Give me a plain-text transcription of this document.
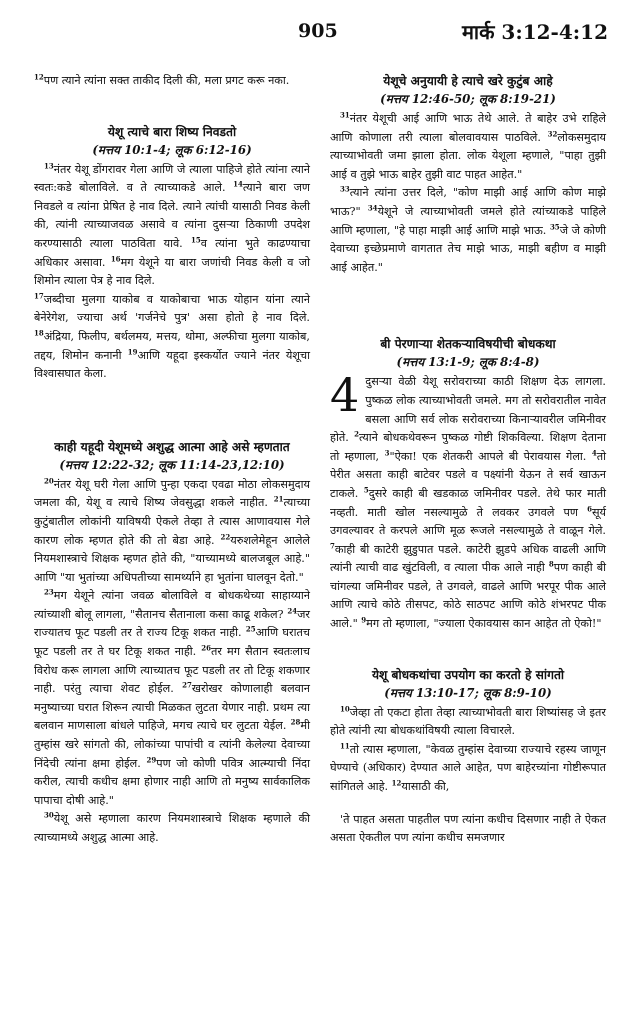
905	मार्क 3:12-4:12

$^{12}$पण त्याने त्यांना सक्त ताकीद दिली की, मला प्रगट करू नका.

येशू त्याचे बारा शिष्य निवडतो

(मत्तय 10:1-4; लूक 6:12-16)

$^{13}$नंतर येशू डोंगरावर गेला आणि जे त्याला पाहिजे होते त्यांना त्याने स्वतः:कडे बोलाविले. व ते त्याच्याकडे आले. $^{14}$त्याने बारा जण निवडले व त्यांना प्रेषित हे नाव दिले. त्याने त्यांची यासाठी निवड केली की, त्यांनी त्याच्याजवळ असावे व त्यांना दुसऱ्या ठिकाणी उपदेश करण्यासाठी त्याला पाठविता यावे. $^{15}$व त्यांना भुते काढण्याचा अधिकार असावा. $^{16}$मग येशूने या बारा जणांची निवड केली व जो शिमोन त्याला पेत्र हे नाव दिले.

$^{17}$जब्दीचा मुलगा याकोब व याकोबाचा भाऊ योहान यांना त्याने बेनेरेगेश, ज्याचा अर्थ 'गर्जनेचे पुत्र' असा होतो हे नाव दिले. $^{18}$अंद्रिया, फिलीप, बर्थलमय, मत्तय, थोमा, अल्फीचा मुलगा याकोब, तद्दय, शिमोन कनानी $^{19}$आणि यहूदा इस्कर्योत ज्याने नंतर येशूचा विश्वासघात केला.

काही यहूदी येशूमध्ये अशुद्ध आत्मा आहे असे म्हणतात

(मत्तय 12:22-32; लूक 11:14-23,12:10)

$^{20}$नंतर येशू घरी गेला आणि पुन्हा एकदा एवढा मोठा लोकसमुदाय जमला की, येशू व त्याचे शिष्य जेवसुद्धा शकले नाहीत. $^{21}$त्याच्या कुटुंबातील लोकांनी याविषयी ऐकले तेव्हा ते त्यास आणावयास गेले कारण लोक म्हणत होते की तो बेडा आहे. $^{22}$यरुशलेमेहून आलेले नियमशास्त्राचे शिक्षक म्हणत होते की, "याच्यामध्ये बालजबूल आहे." आणि "या भुतांच्या अधिपतीच्या सामर्थ्याने हा भुतांना घालवून देतो."

$^{23}$मग येशूने त्यांना जवळ बोलाविले व बोधकथेच्या साहाय्याने त्यांच्याशी बोलू लागला, "सैतानच सैतानाला कसा काढू शकेल? $^{24}$जर राज्यातच फूट पडली तर ते राज्य टिकू शकत नाही. $^{25}$आणि घरातच फूट पडली तर ते घर टिकू शकत नाही. $^{26}$तर मग सैतान स्वतःलाच विरोध करू लागला आणि त्याच्यातच फूट पडली तर तो टिकू शकणार नाही. परंतु त्याचा शेवट होईल. $^{27}$खरोखर कोणालाही बलवान मनुष्याच्या घरात शिरून त्याची मिळकत लुटता येणार नाही. प्रथम त्या बलवान माणसाला बांधले पाहिजे, मगच त्याचे घर लुटता येईल. $^{28}$मी तुम्हांस खरे सांगतो की, लोकांच्या पापांची व त्यांनी केलेल्या देवाच्या निंदेची त्यांना क्षमा होईल. $^{29}$पण जो कोणी पवित्र आत्म्याची निंदा करील, त्याची कधीच क्षमा होणार नाही आणि तो मनुष्य सार्वकालिक पापाचा दोषी आहे."

$^{30}$येशू असे म्हणाला कारण नियमशास्त्राचे शिक्षक म्हणाले की त्याच्यामध्ये अशुद्ध आत्मा आहे.

येशूचे अनुयायी हे त्याचे खरे कुटुंब आहे

(मत्तय 12:46-50; लूक 8:19-21)

$^{31}$नंतर येशूची आई आणि भाऊ तेथे आले. ते बाहेर उभे राहिले आणि कोणाला तरी त्याला बोलवावयास पाठविले. $^{32}$लोकसमुदाय त्याच्याभोवती जमा झाला होता. लोक येशूला म्हणाले, "पाहा तुझी आई व तुझे भाऊ बाहेर तुझी वाट पाहत आहेत."

$^{33}$त्याने त्यांना उत्तर दिले, "कोण माझी आई आणि कोण माझे भाऊ?" $^{34}$येशूने जे त्याच्याभोवती जमले होते त्यांच्याकडे पाहिले आणि म्हणाला, "हे पाहा माझी आई आणि माझे भाऊ. $^{35}$जे जे कोणी देवाच्या इच्छेप्रमाणे वागतात तेच माझे भाऊ, माझी बहीण व माझी आई आहेत."

बी पेरणाऱ्या शेतकऱ्याविषयीची बोधकथा

(मत्तय 13:1-9; लूक 8:4-8)

4 दुसऱ्या वेळी येशू सरोवराच्या काठी शिक्षण देऊ लागला. पुष्कळ लोक त्याच्याभोवती जमले. मग तो सरोवरातील नावेत बसला आणि सर्व लोक सरोवराच्या किनाऱ्यावरील जमिनीवर होते. $^2$त्याने बोधकथेवरून पुष्कळ गोष्टी शिकविल्या. शिक्षण देताना तो म्हणाला, $^3$"ऐका! एक शेतकरी आपले बी पेरावयास गेला. $^4$तो पेरीत असता काही बाटेवर पडले व पक्ष्यांनी येऊन ते सर्व खाऊन टाकले. $^5$दुसरे काही बी खडकाळ जमिनीवर पडले. तेथे फार माती नव्हती. माती खोल नसल्यामुळे ते लवकर उगवले पण $^6$सूर्य उगवल्यावर ते करपले आणि मूळ रूजले नसल्यामुळे ते वाळून गेले. $^7$काही बी काटेरी झुडुपात पडले. काटेरी झुडपे अधिक वाढली आणि त्यांनी त्याची वाढ खुंटविली, व त्याला पीक आले नाही $^8$पण काही बी चांगल्या जमिनीवर पडले, ते उगवले, वाढले आणि भरपूर पीक आले आणि त्याचे कोठे तीसपट, कोठे साठपट आणि कोठे शंभरपट पीक आले." $^9$मग तो म्हणाला, "ज्याला ऐकावयास कान आहेत तो ऐको!"

येशू बोधकथांचा उपयोग का करतो हे सांगतो

(मत्तय 13:10-17; लूक 8:9-10)

$^{10}$जेव्हा तो एकटा होता तेव्हा त्याच्याभोवती बारा शिष्यांसह जे इतर होते त्यांनी त्या बोधकथांविषयी त्याला विचारले.

$^{11}$तो त्यास म्हणाला, "केवळ तुम्हांस देवाच्या राज्याचे रहस्य जाणून घेण्याचे (अधिकार) देण्यात आले आहेत, पण बाहेरच्यांना गोष्टीरूपात सांगितले आहे. $^{12}$यासाठी की,

'ते पाहत असता पाहतील पण त्यांना कधीच दिसणार नाही ते ऐकत असता ऐकतील पण त्यांना कधीच समजणार
